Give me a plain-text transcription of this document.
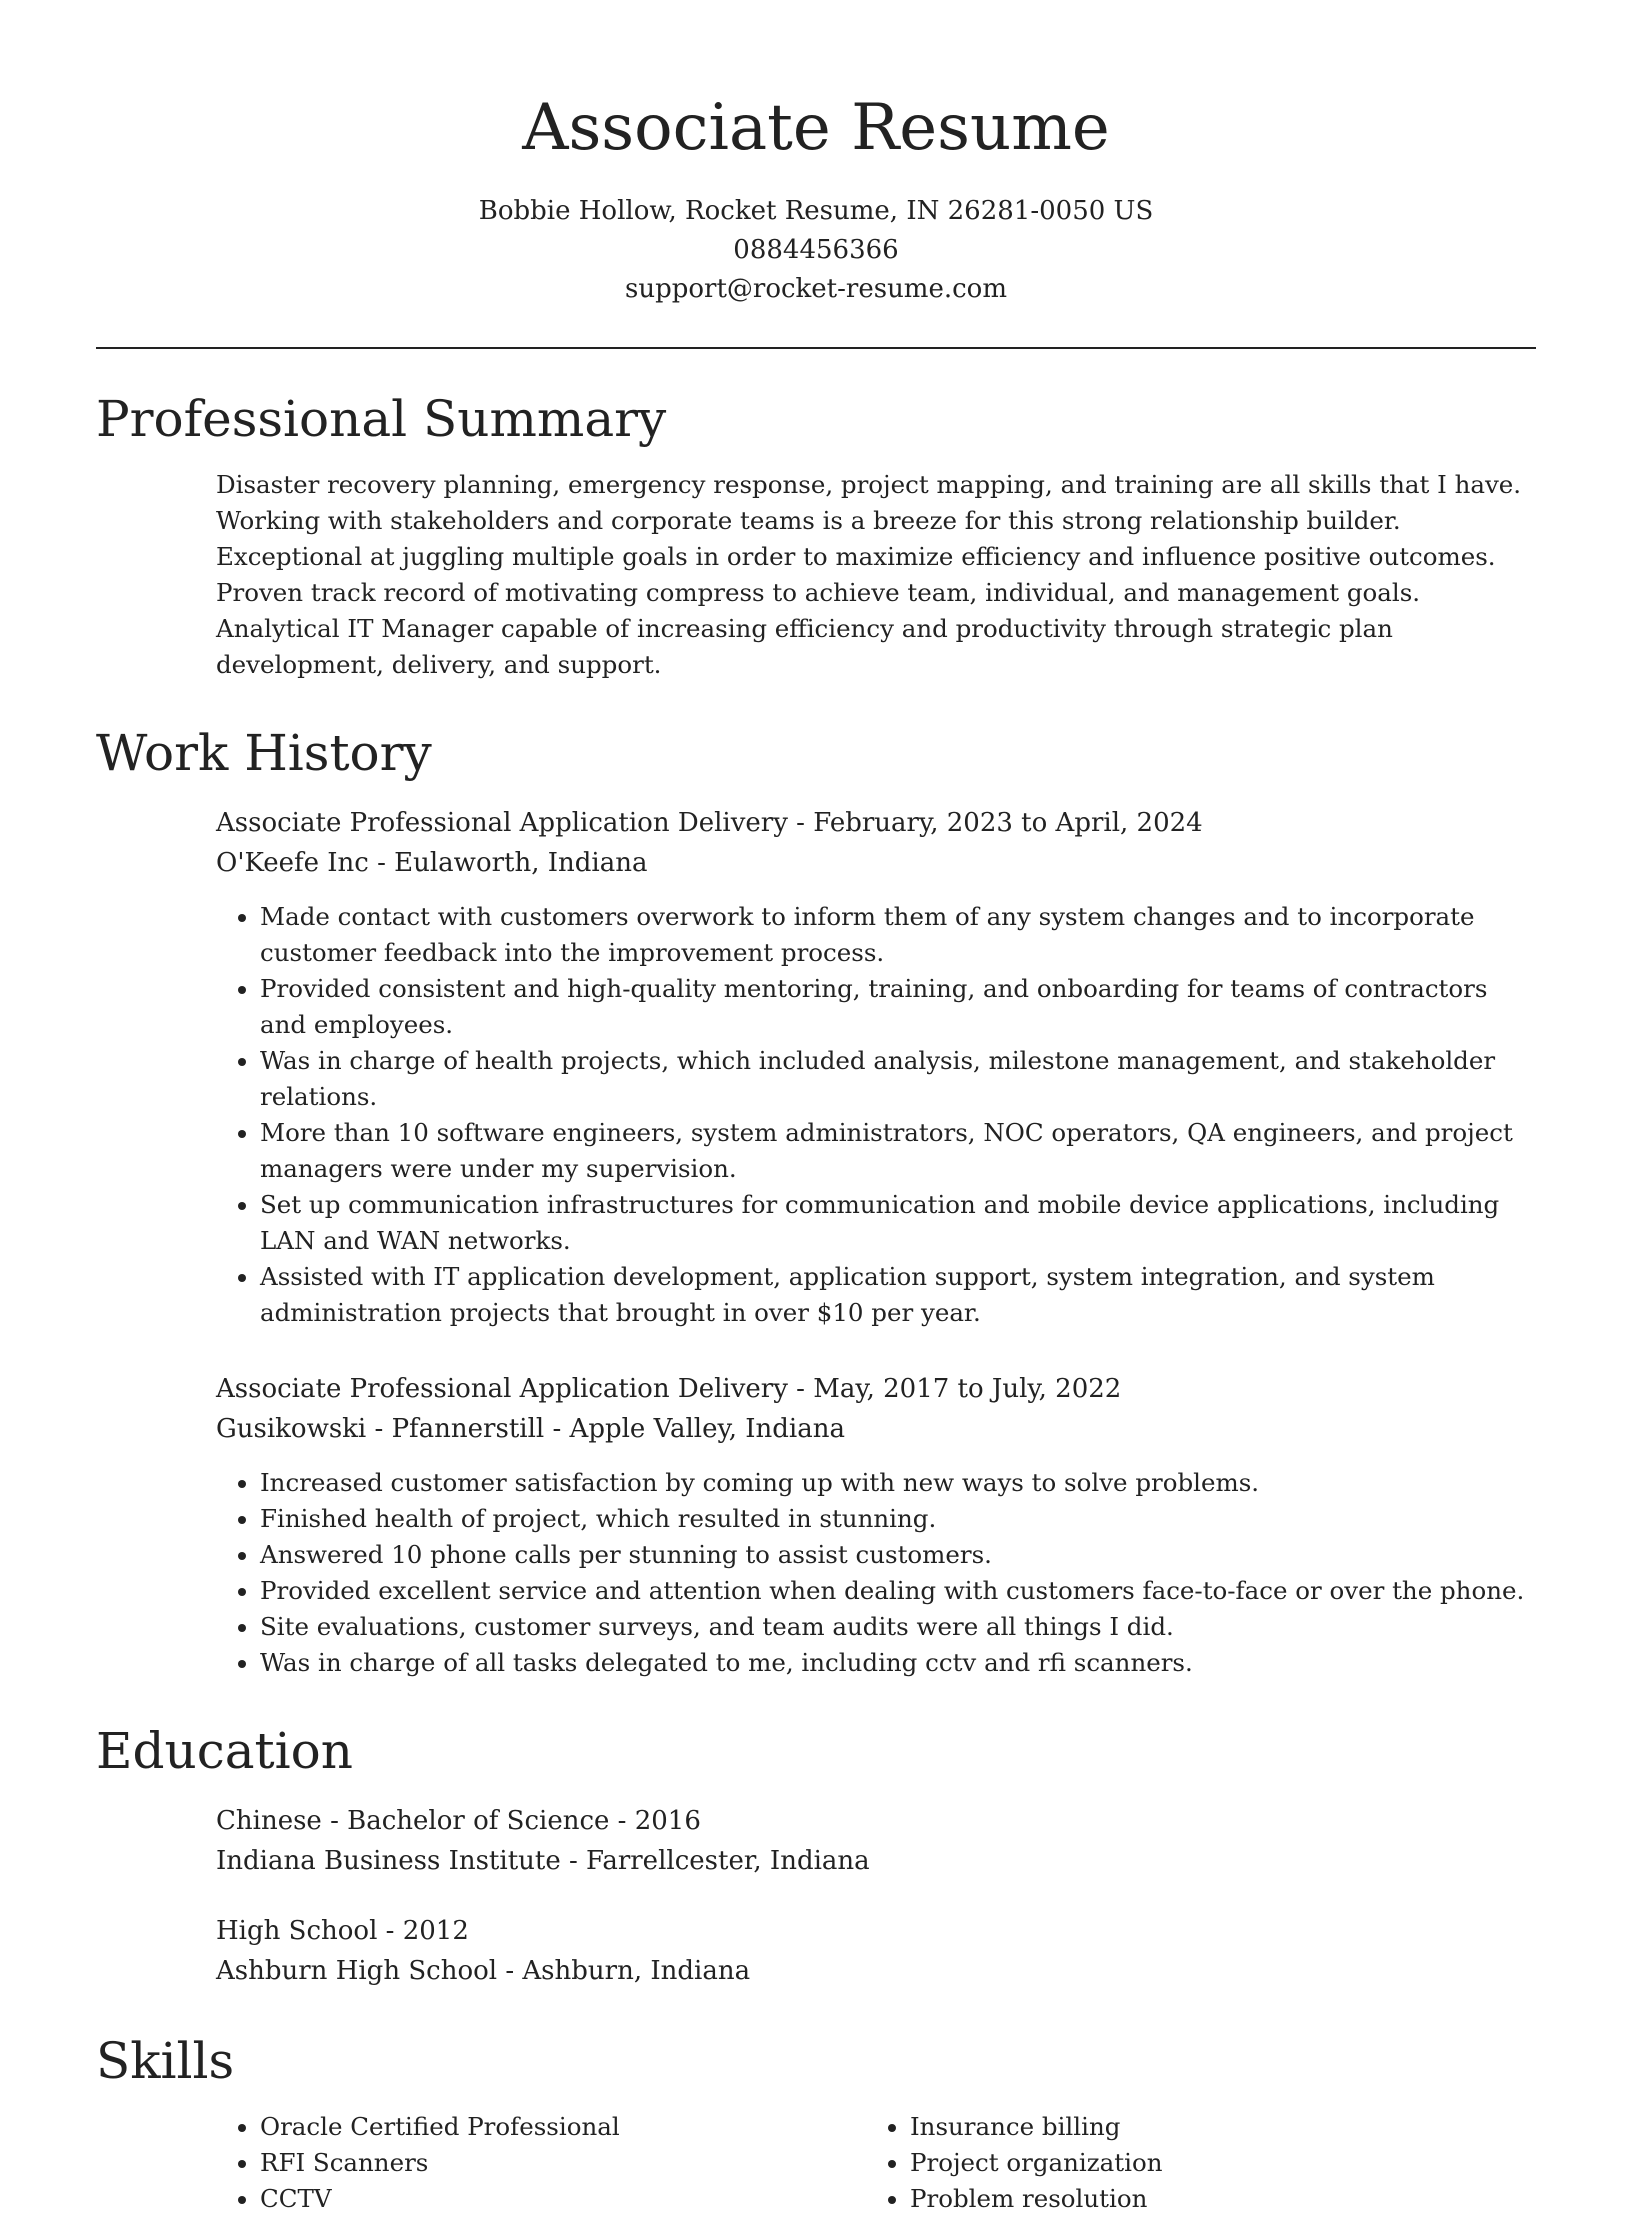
Associate Resume
Bobbie Hollow, Rocket Resume, IN 26281-0050 US
0884456366
support@rocket-resume.com
Professional Summary
Disaster recovery planning, emergency response, project mapping, and training are all skills that I have. Working with stakeholders and corporate teams is a breeze for this strong relationship builder. Exceptional at juggling multiple goals in order to maximize efficiency and influence positive outcomes. Proven track record of motivating compress to achieve team, individual, and management goals. Analytical IT Manager capable of increasing efficiency and productivity through strategic plan development, delivery, and support.
Work History
Associate Professional Application Delivery - February, 2023 to April, 2024
O'Keefe Inc - Eulaworth, Indiana
• Made contact with customers overwork to inform them of any system changes and to incorporate customer feedback into the improvement process.
• Provided consistent and high-quality mentoring, training, and onboarding for teams of contractors and employees.
• Was in charge of health projects, which included analysis, milestone management, and stakeholder relations.
• More than 10 software engineers, system administrators, NOC operators, QA engineers, and project managers were under my supervision.
• Set up communication infrastructures for communication and mobile device applications, including LAN and WAN networks.
• Assisted with IT application development, application support, system integration, and system administration projects that brought in over $10 per year.
Associate Professional Application Delivery - May, 2017 to July, 2022
Gusikowski - Pfannerstill - Apple Valley, Indiana
• Increased customer satisfaction by coming up with new ways to solve problems.
• Finished health of project, which resulted in stunning.
• Answered 10 phone calls per stunning to assist customers.
• Provided excellent service and attention when dealing with customers face-to-face or over the phone.
• Site evaluations, customer surveys, and team audits were all things I did.
• Was in charge of all tasks delegated to me, including cctv and rfi scanners.
Education
Chinese - Bachelor of Science - 2016
Indiana Business Institute - Farrellcester, Indiana
High School - 2012
Ashburn High School - Ashburn, Indiana
Skills
• Oracle Certified Professional
• RFI Scanners
• CCTV
• Insurance billing
• Project organization
• Problem resolution
